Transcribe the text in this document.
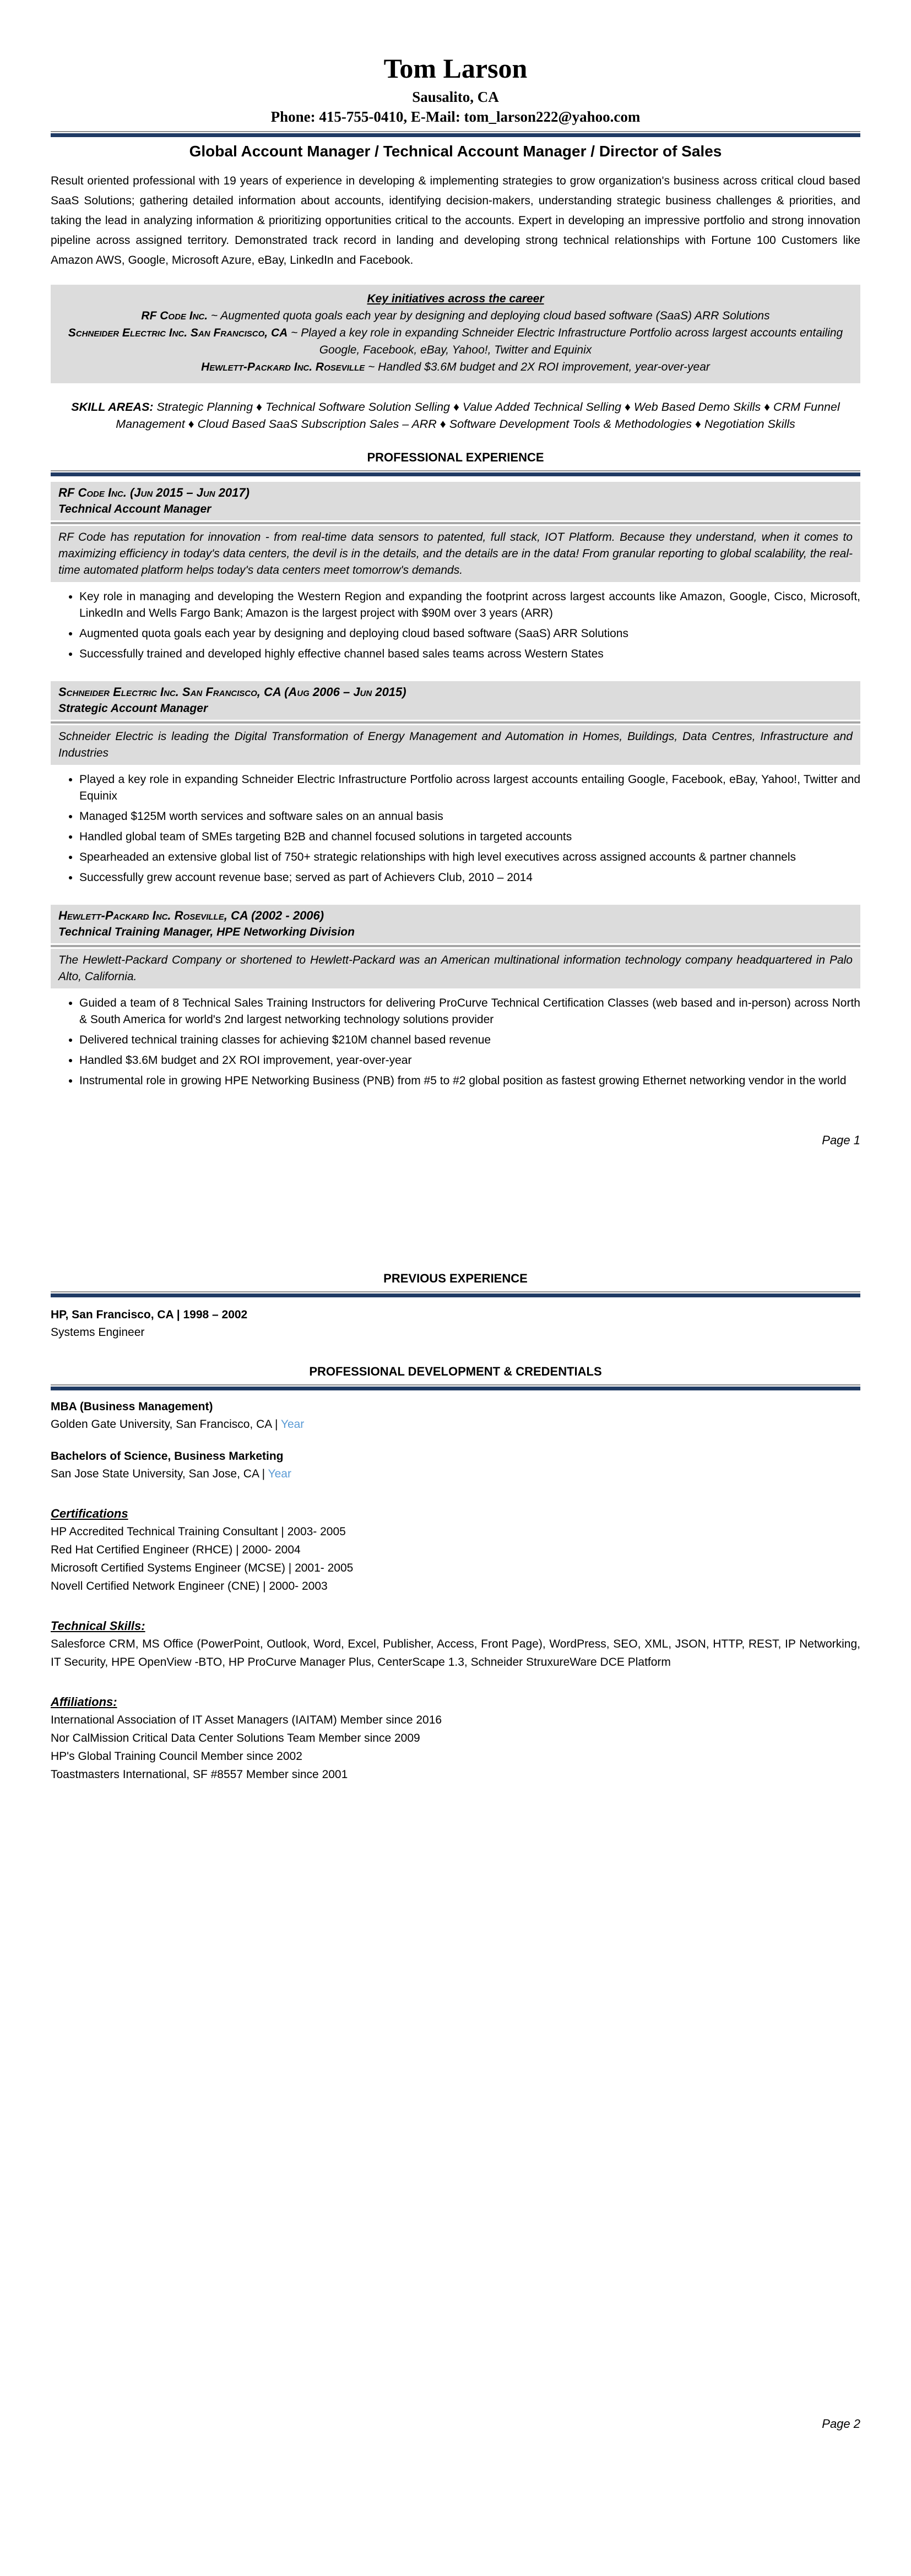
Tom Larson
Sausalito, CA
Phone: 415-755-0410, E-Mail: tom_larson222@yahoo.com
Global Account Manager / Technical Account Manager / Director of Sales
Result oriented professional with 19 years of experience in developing & implementing strategies to grow organization's business across critical cloud based SaaS Solutions; gathering detailed information about accounts, identifying decision-makers, understanding strategic business challenges & priorities, and taking the lead in analyzing information & prioritizing opportunities critical to the accounts. Expert in developing an impressive portfolio and strong innovation pipeline across assigned territory. Demonstrated track record in landing and developing strong technical relationships with Fortune 100 Customers like Amazon AWS, Google, Microsoft Azure, eBay, LinkedIn and Facebook.
Key initiatives across the career

RF Code Inc. ~ Augmented quota goals each year by designing and deploying cloud based software (SaaS) ARR Solutions

Schneider Electric Inc. San Francisco, CA ~ Played a key role in expanding Schneider Electric Infrastructure Portfolio across largest accounts entailing Google, Facebook, eBay, Yahoo!, Twitter and Equinix

Hewlett-Packard Inc. Roseville ~ Handled $3.6M budget and 2X ROI improvement, year-over-year

SKILL AREAS: Strategic Planning ♦ Technical Software Solution Selling ♦ Value Added Technical Selling ♦ Web Based Demo Skills ♦ CRM Funnel Management ♦ Cloud Based SaaS Subscription Sales – ARR ♦ Software Development Tools & Methodologies ♦ Negotiation Skills
PROFESSIONAL EXPERIENCE
RF Code Inc. (Jun 2015 – Jun 2017)
Technical Account Manager
RF Code has reputation for innovation - from real-time data sensors to patented, full stack, IOT Platform. Because they understand, when it comes to maximizing efficiency in today's data centers, the devil is in the details, and the details are in the data! From granular reporting to global scalability, the real-time automated platform helps today's data centers meet tomorrow's demands.
• Key role in managing and developing the Western Region and expanding the footprint across largest accounts like Amazon, Google, Cisco, Microsoft, LinkedIn and Wells Fargo Bank; Amazon is the largest project with $90M over 3 years (ARR)
• Augmented quota goals each year by designing and deploying cloud based software (SaaS) ARR Solutions
• Successfully trained and developed highly effective channel based sales teams across Western States
Schneider Electric Inc. San Francisco, CA (Aug 2006 – Jun 2015)
Strategic Account Manager
Schneider Electric is leading the Digital Transformation of Energy Management and Automation in Homes, Buildings, Data Centres, Infrastructure and Industries
• Played a key role in expanding Schneider Electric Infrastructure Portfolio across largest accounts entailing Google, Facebook, eBay, Yahoo!, Twitter and Equinix
• Managed $125M worth services and software sales on an annual basis
• Handled global team of SMEs targeting B2B and channel focused solutions in targeted accounts
• Spearheaded an extensive global list of 750+ strategic relationships with high level executives across assigned accounts & partner channels
• Successfully grew account revenue base; served as part of Achievers Club, 2010 – 2014
Hewlett-Packard Inc. Roseville, CA (2002 - 2006)
Technical Training Manager, HPE Networking Division
The Hewlett-Packard Company or shortened to Hewlett-Packard was an American multinational information technology company headquartered in Palo Alto, California.
• Guided a team of 8 Technical Sales Training Instructors for delivering ProCurve Technical Certification Classes (web based and in-person) across North & South America for world's 2nd largest networking technology solutions provider
• Delivered technical training classes for achieving $210M channel based revenue
• Handled $3.6M budget and 2X ROI improvement, year-over-year
• Instrumental role in growing HPE Networking Business (PNB) from #5 to #2 global position as fastest growing Ethernet networking vendor in the world
Page 1
PREVIOUS EXPERIENCE
HP, San Francisco, CA | 1998 – 2002
Systems Engineer
PROFESSIONAL DEVELOPMENT & CREDENTIALS
MBA (Business Management)
Golden Gate University, San Francisco, CA | Year
Bachelors of Science, Business Marketing
San Jose State University, San Jose, CA | Year
Certifications
HP Accredited Technical Training Consultant | 2003- 2005
Red Hat Certified Engineer (RHCE) | 2000- 2004
Microsoft Certified Systems Engineer (MCSE) | 2001- 2005
Novell Certified Network Engineer (CNE) | 2000- 2003
Technical Skills:
Salesforce CRM, MS Office (PowerPoint, Outlook, Word, Excel, Publisher, Access, Front Page), WordPress, SEO, XML, JSON, HTTP, REST, IP Networking, IT Security, HPE OpenView -BTO, HP ProCurve Manager Plus, CenterScape 1.3, Schneider StruxureWare DCE Platform
Affiliations:
International Association of IT Asset Managers (IAITAM) Member since 2016
Nor CalMission Critical Data Center Solutions Team Member since 2009
HP's Global Training Council Member since 2002
Toastmasters International, SF #8557 Member since 2001
Page 2
